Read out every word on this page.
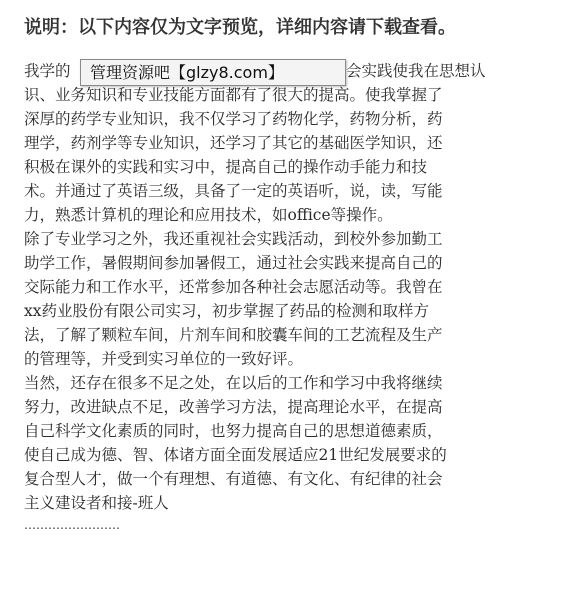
说明：以下内容仅为文字预览，详细内容请下载查看。
我学的	会实践使我在思想认
识、业务知识和专业技能方面都有了很大的提高。使我掌握了
深厚的药学专业知识，我不仅学习了药物化学，药物分析，药
理学，药剂学等专业知识，还学习了其它的基础医学知识，还
积极在课外的实践和实习中，提高自己的操作动手能力和技
术。并通过了英语三级，具备了一定的英语听，说，读，写能
力，熟悉计算机的理论和应用技术，如office等操作。
除了专业学习之外，我还重视社会实践活动，到校外参加勤工
助学工作，暑假期间参加暑假工，通过社会实践来提高自己的
交际能力和工作水平，还常参加各种社会志愿活动等。我曾在
xx药业股份有限公司实习，初步掌握了药品的检测和取样方
法，了解了颗粒车间，片剂车间和胶囊车间的工艺流程及生产
的管理等，并受到实习单位的一致好评。
当然，还存在很多不足之处，在以后的工作和学习中我将继续
努力，改进缺点不足，改善学习方法，提高理论水平，在提高
自己科学文化素质的同时，也努力提高自己的思想道德素质，
使自己成为德、智、体诸方面全面发展适应21世纪发展要求的
复合型人才，做一个有理想、有道德、有文化、有纪律的社会
主义建设者和接-班人
……………………
管理资源吧【glzy8.com】
